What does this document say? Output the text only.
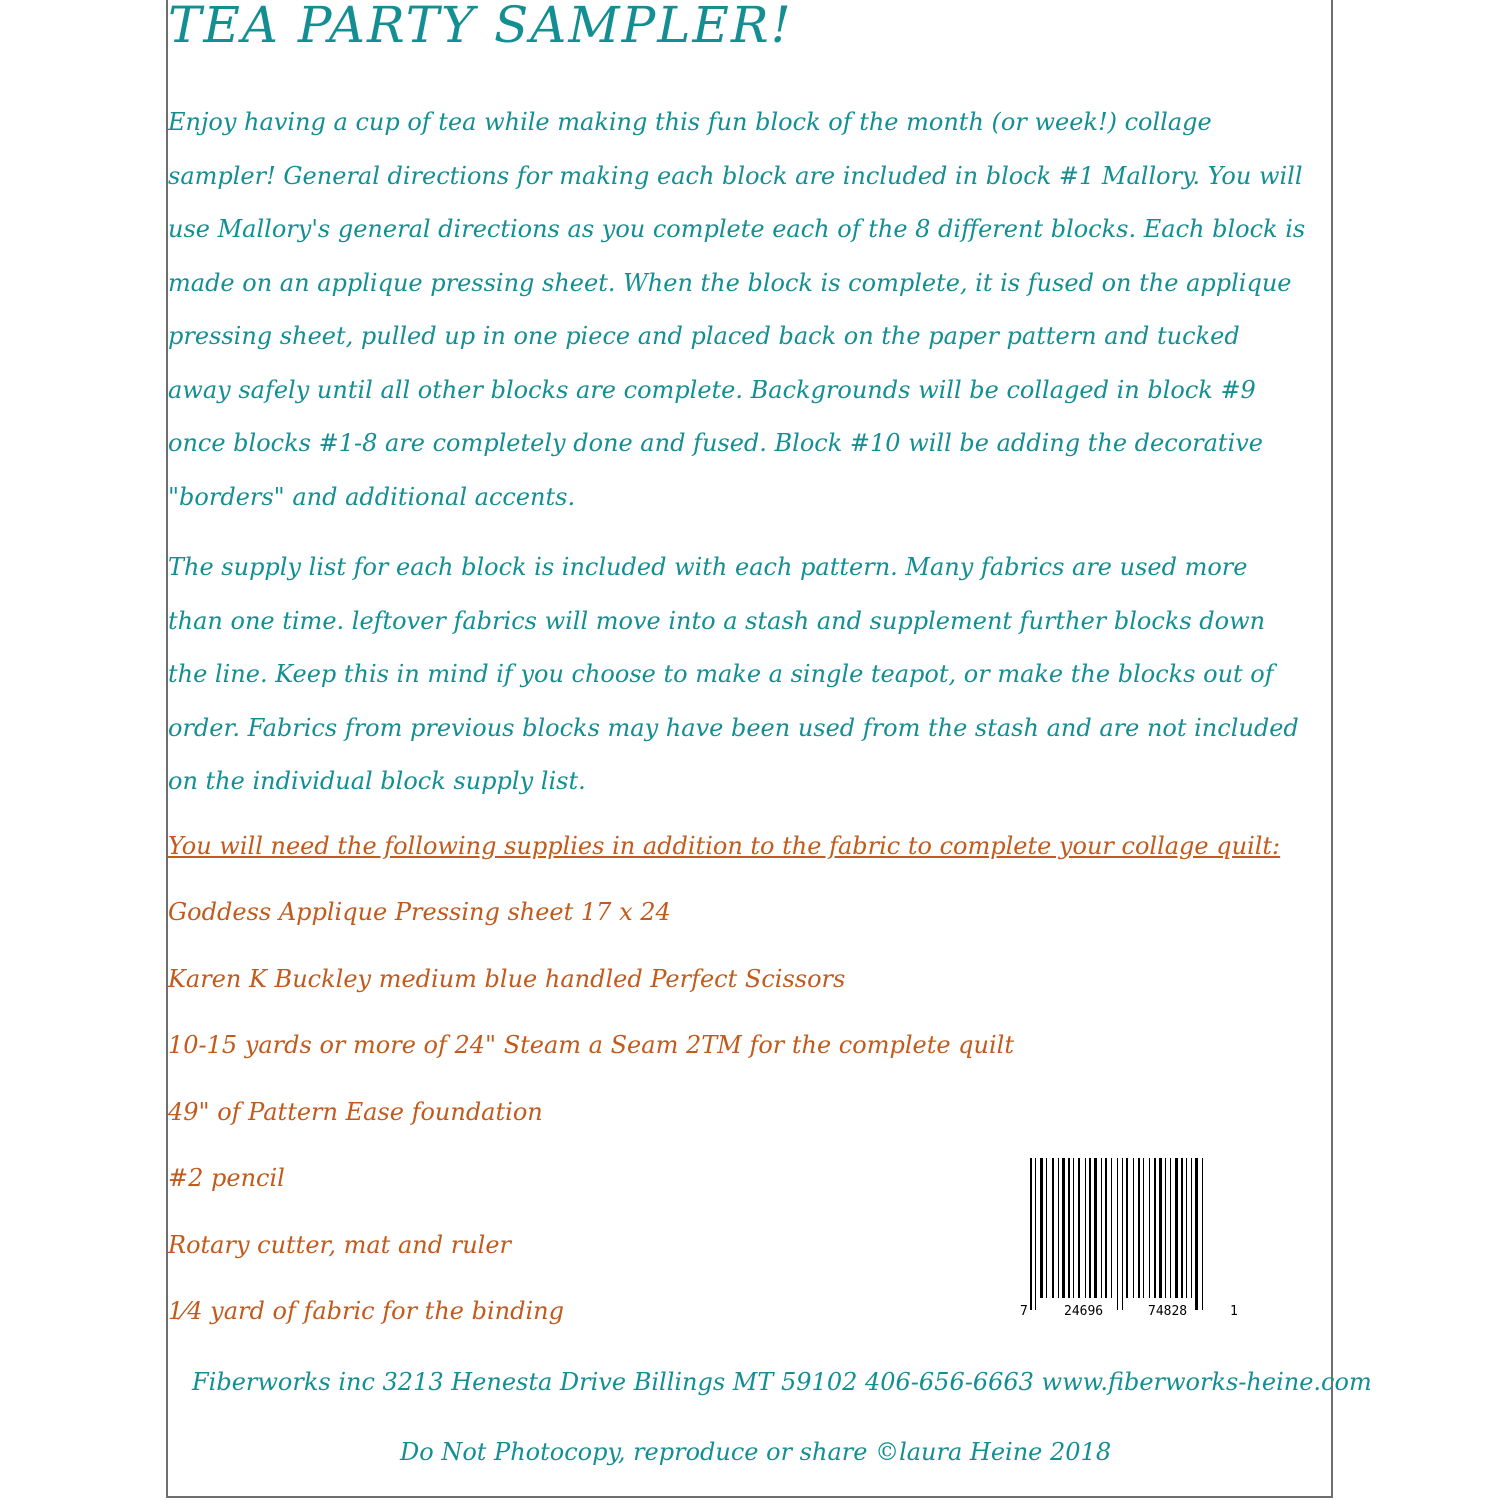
TEA PARTY SAMPLER!
Enjoy having a cup of tea while making this fun block of the month (or week!) collage sampler! General directions for making each block are included in block #1 Mallory. You will use Mallory's general directions as you complete each of the 8 different blocks. Each block is made on an applique pressing sheet. When the block is complete, it is fused on the applique pressing sheet, pulled up in one piece and placed back on the paper pattern and tucked away safely until all other blocks are complete. Backgrounds will be collaged in block #9 once blocks #1-8 are completely done and fused. Block #10 will be adding the decorative "borders" and additional accents.
The supply list for each block is included with each pattern. Many fabrics are used more than one time. leftover fabrics will move into a stash and supplement further blocks down the line. Keep this in mind if you choose to make a single teapot, or make the blocks out of order. Fabrics from previous blocks may have been used from the stash and are not included on the individual block supply list.
You will need the following supplies in addition to the fabric to complete your collage quilt:
Goddess Applique Pressing sheet 17 x 24
Karen K Buckley medium blue handled Perfect Scissors
10-15 yards or more of 24" Steam a Seam 2TM for the complete quilt
49" of Pattern Ease foundation
#2 pencil
Rotary cutter, mat and ruler
1⁄4 yard of fabric for the binding	7	24696	74828	1
Fiberworks inc 3213 Henesta Drive Billings MT 59102 406-656-6663 www.fiberworks-heine.com
Do Not Photocopy, reproduce or share ©laura Heine 2018
